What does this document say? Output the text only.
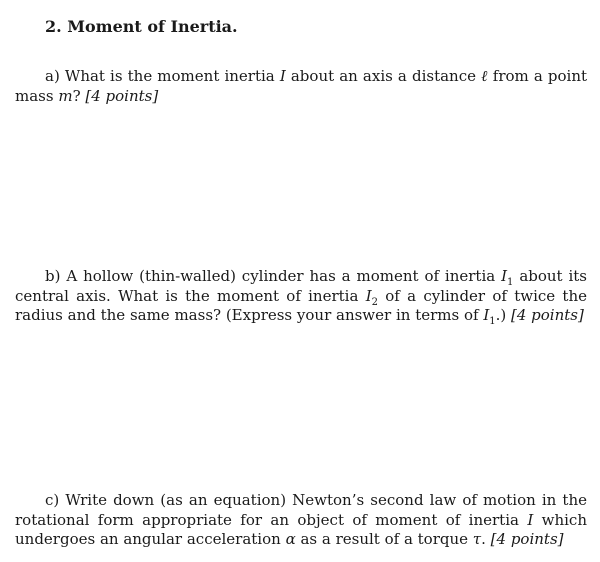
2. Moment of Inertia.
a) What is the moment inertia I about an axis a distance ℓ from a point mass m? [4 points]
b) A hollow (thin-walled) cylinder has a moment of inertia $I_1$ about its central axis. What is the moment of inertia $I_2$ of a cylinder of twice the radius and the same mass? (Express your answer in terms of $I_1$.) [4 points]
c) Write down (as an equation) Newton’s second law of motion in the rotational form appropriate for an object of moment of inertia I which undergoes an angular acceleration α as a result of a torque τ. [4 points]
